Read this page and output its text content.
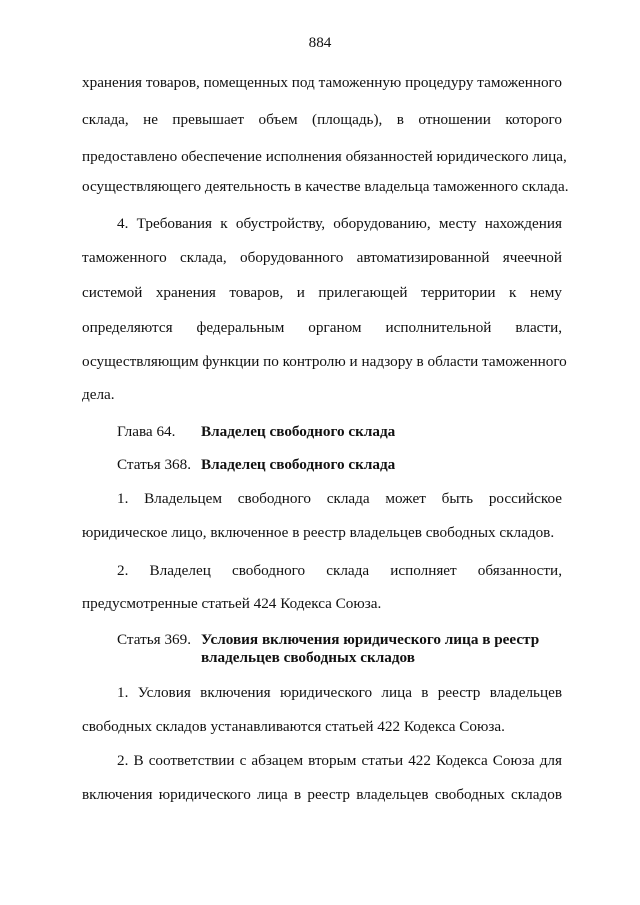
884
хранения товаров, помещенных под таможенную процедуру таможенного
склада, не превышает объем (площадь), в отношении которого
предоставлено обеспечение исполнения обязанностей юридического лица,
осуществляющего деятельность в качестве владельца таможенного склада.
4. Требования к обустройству, оборудованию, месту нахождения
таможенного склада, оборудованного автоматизированной ячеечной
системой хранения товаров, и прилегающей территории к нему
определяются федеральным органом исполнительной власти,
осуществляющим функции по контролю и надзору в области таможенного
дела.
Глава 64. Владелец свободного склада
Статья 368. Владелец свободного склада
1. Владельцем свободного склада может быть российское
юридическое лицо, включенное в реестр владельцев свободных складов.
2. Владелец свободного склада исполняет обязанности,
предусмотренные статьей 424 Кодекса Союза.
Статья 369. Условия включения юридического лица в реестр
владельцев свободных складов
1. Условия включения юридического лица в реестр владельцев
свободных складов устанавливаются статьей 422 Кодекса Союза.
2. В соответствии с абзацем вторым статьи 422 Кодекса Союза для
включения юридического лица в реестр владельцев свободных складов
